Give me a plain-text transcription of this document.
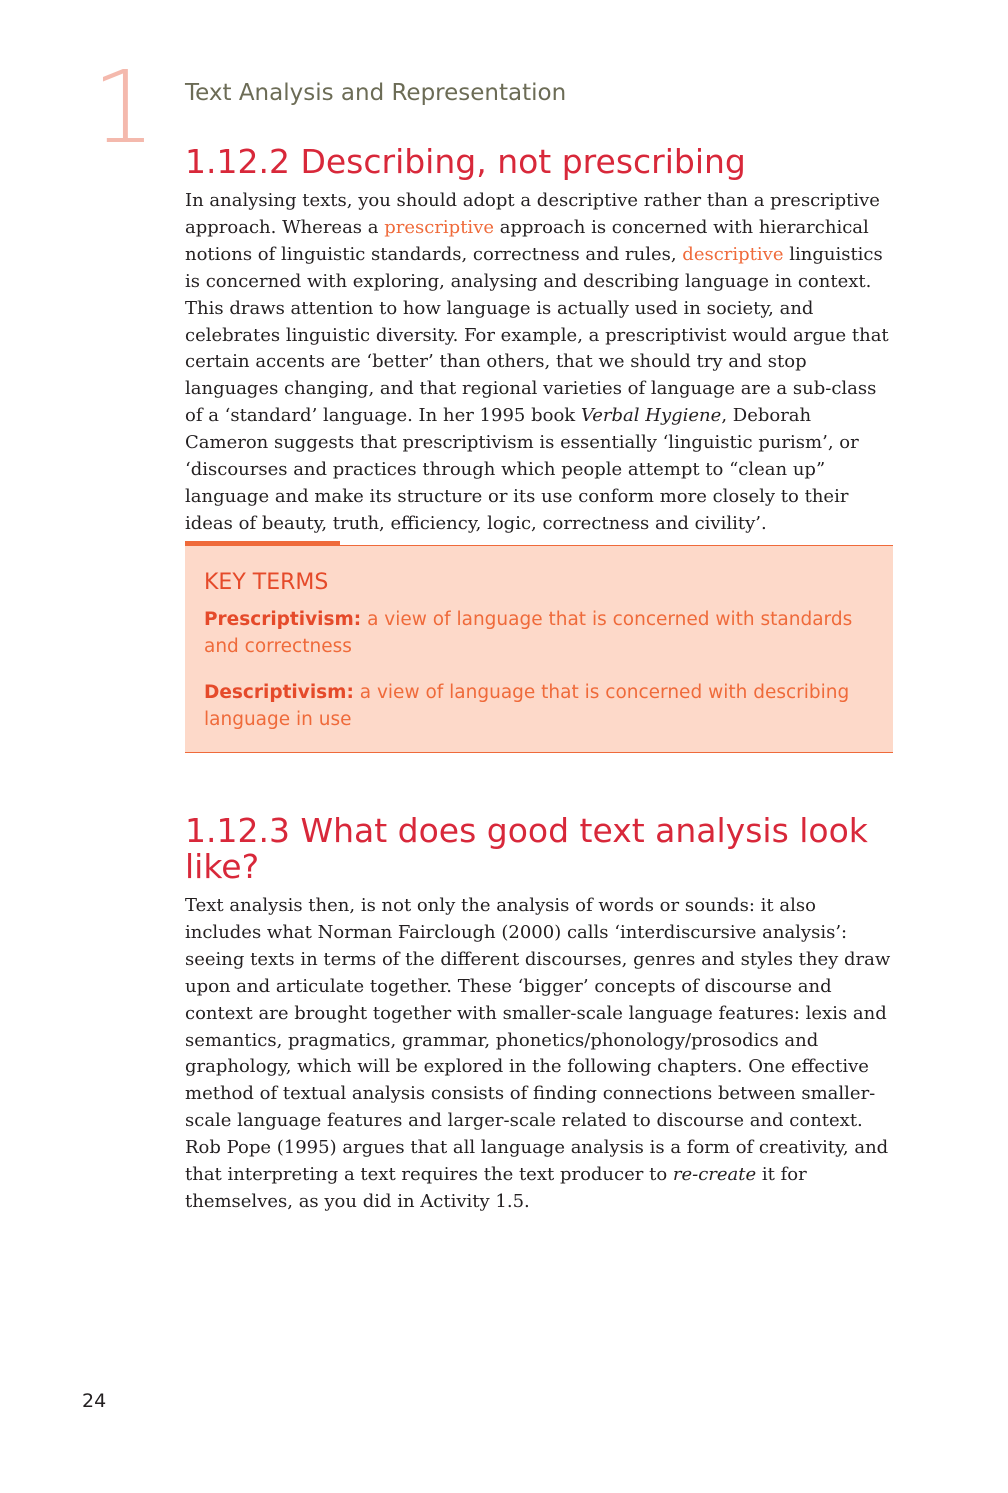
1 Text Analysis and Representation
1.12.2 Describing, not prescribing

In analysing texts, you should adopt a descriptive rather than a prescriptive approach. Whereas a prescriptive approach is concerned with hierarchical notions of linguistic standards, correctness and rules, descriptive linguistics is concerned with exploring, analysing and describing language in context. This draws attention to how language is actually used in society, and celebrates linguistic diversity. For example, a prescriptivist would argue that certain accents are ‘better’ than others, that we should try and stop languages changing, and that regional varieties of language are a sub-class of a ‘standard’ language. In her 1995 book Verbal Hygiene, Deborah Cameron suggests that prescriptivism is essentially ‘linguistic purism’, or ‘discourses and practices through which people attempt to “clean up” language and make its structure or its use conform more closely to their ideas of beauty, truth, efficiency, logic, correctness and civility’.

KEY TERMS
Prescriptivism: a view of language that is concerned with standards and correctness
Descriptivism: a view of language that is concerned with describing language in use
1.12.3 What does good text analysis look like?

Text analysis then, is not only the analysis of words or sounds: it also includes what Norman Fairclough (2000) calls ‘interdiscursive analysis’: seeing texts in terms of the different discourses, genres and styles they draw upon and articulate together. These ‘bigger’ concepts of discourse and context are brought together with smaller-scale language features: lexis and semantics, pragmatics, grammar, phonetics/phonology/prosodics and graphology, which will be explored in the following chapters. One effective method of textual analysis consists of finding connections between smaller-scale language features and larger-scale related to discourse and context. Rob Pope (1995) argues that all language analysis is a form of creativity, and that interpreting a text requires the text producer to re-create it for themselves, as you did in Activity 1.5.

24
